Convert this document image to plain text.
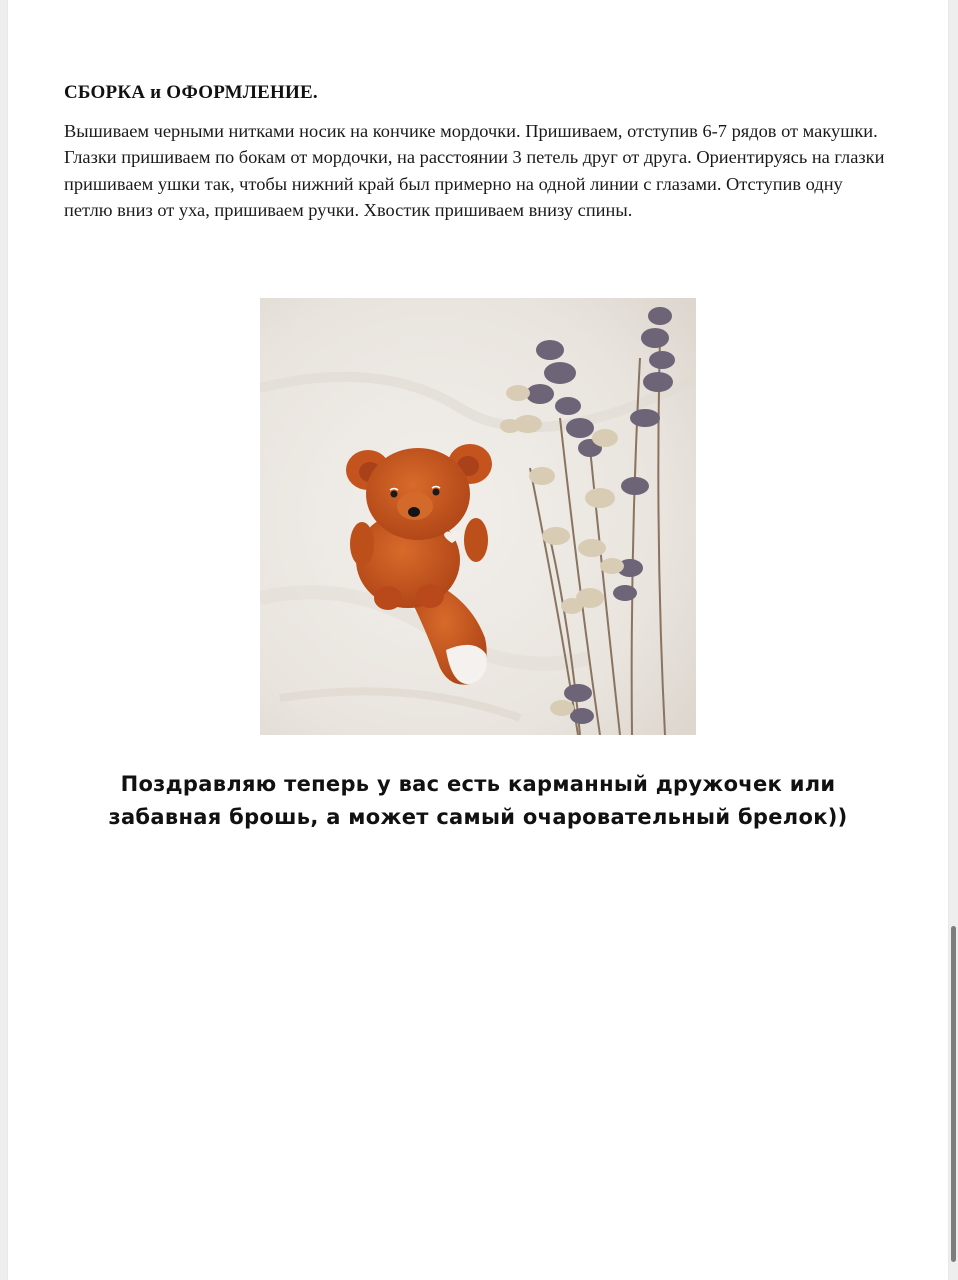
СБОРКА и ОФОРМЛЕНИЕ.

Вышиваем черными нитками носик на кончике мордочки. Пришиваем, отступив 6-7 рядов от макушки. Глазки пришиваем по бокам от мордочки, на расстоянии 3 петель друг от друга. Ориентируясь на глазки пришиваем ушки так, чтобы нижний край был примерно на одной линии с глазами. Отступив одну петлю вниз от уха, пришиваем ручки. Хвостик пришиваем внизу спины.

Поздравляю теперь у вас есть карманный дружочек или
забавная брошь, а может самый очаровательный брелок))
